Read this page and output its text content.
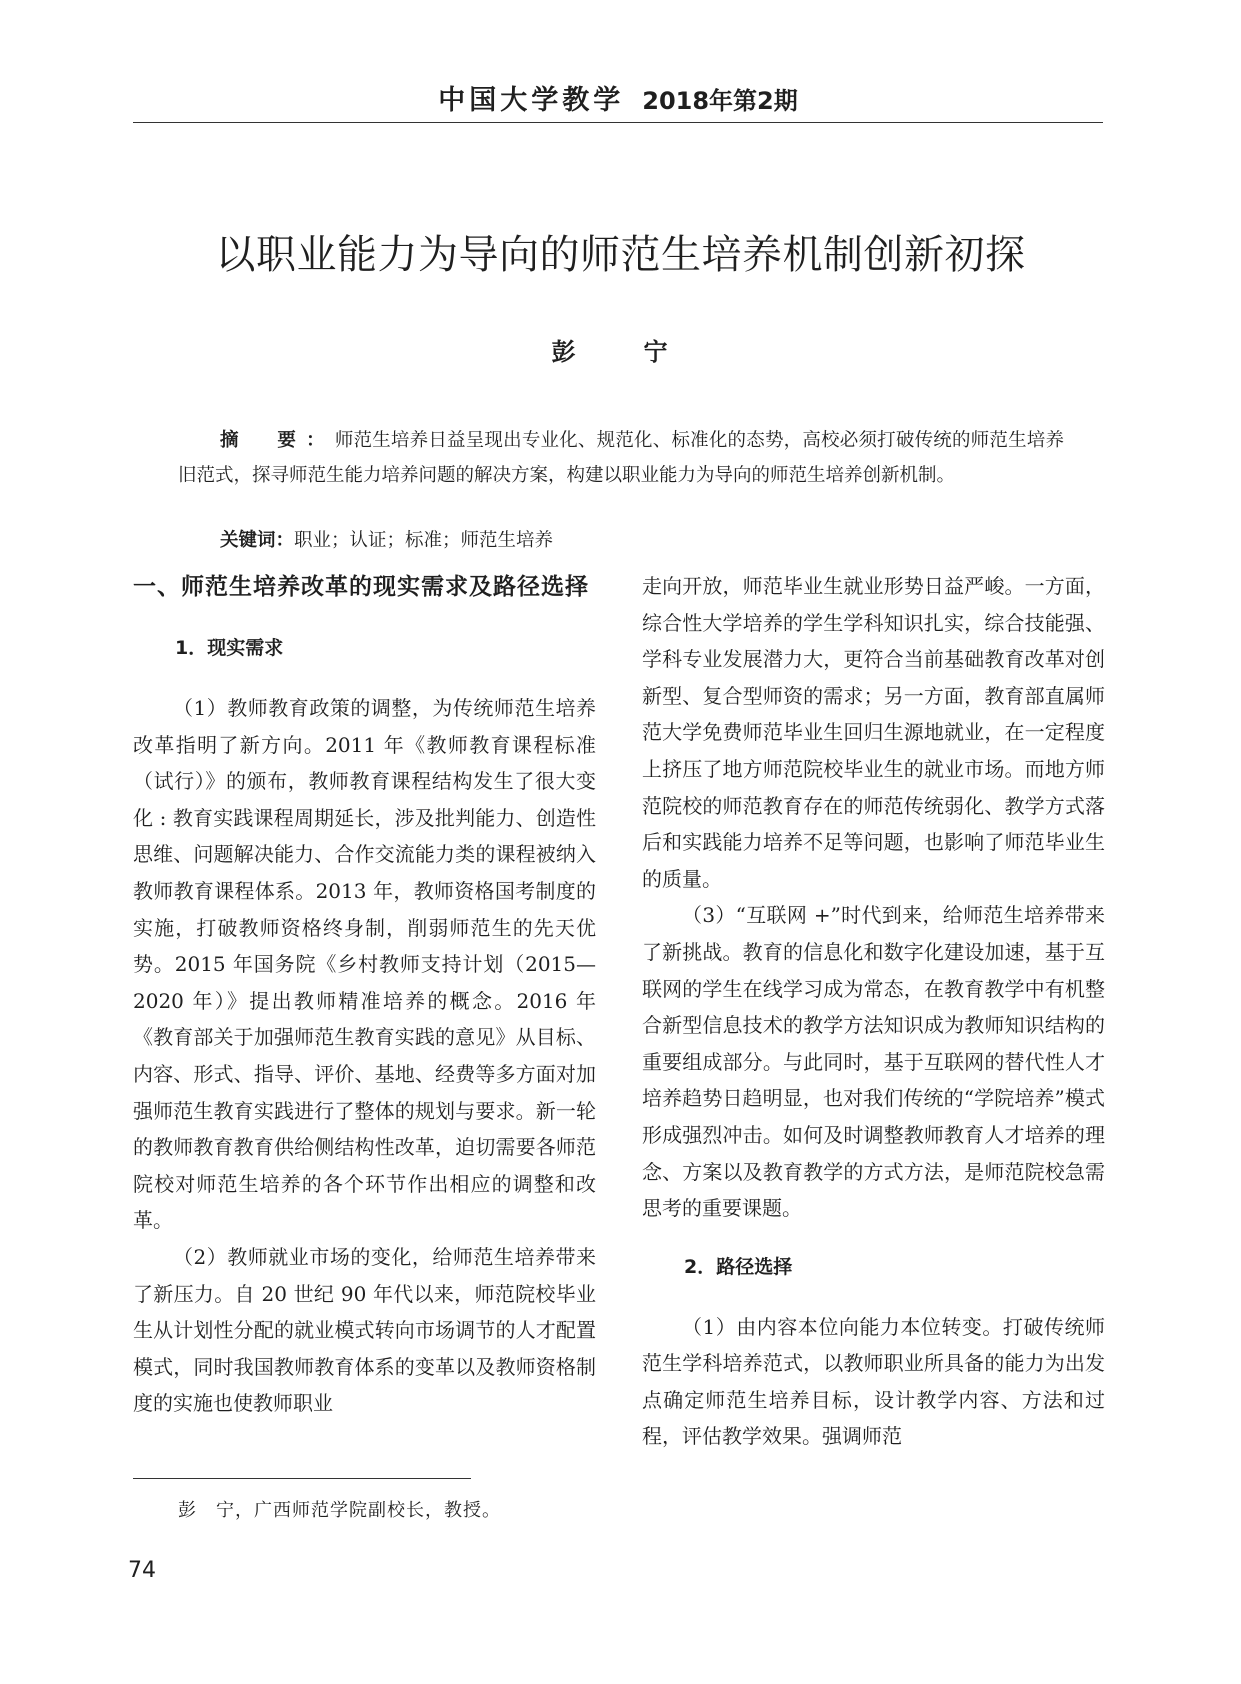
中国大学教学 2018年第2期
以职业能力为导向的师范生培养机制创新初探
彭　宁

摘　要：师范生培养日益呈现出专业化、规范化、标准化的态势，高校必须打破传统的师范生培养旧范式，探寻师范生能力培养问题的解决方案，构建以职业能力为导向的师范生培养创新机制。

关键词：职业；认证；标准；师范生培养

一、师范生培养改革的现实需求及路径选择
1．现实需求

（1）教师教育政策的调整，为传统师范生培养改革指明了新方向。2011 年《教师教育课程标准（试行）》的颁布，教师教育课程结构发生了很大变化 : 教育实践课程周期延长，涉及批判能力、创造性思维、问题解决能力、合作交流能力类的课程被纳入教师教育课程体系。2013 年，教师资格国考制度的实施，打破教师资格终身制，削弱师范生的先天优势。2015 年国务院《乡村教师支持计划（2015—2020 年）》提出教师精准培养的概念。2016 年《教育部关于加强师范生教育实践的意见》从目标、内容、形式、指导、评价、基地、经费等多方面对加强师范生教育实践进行了整体的规划与要求。新一轮的教师教育教育供给侧结构性改革，迫切需要各师范院校对师范生培养的各个环节作出相应的调整和改革。

（2）教师就业市场的变化，给师范生培养带来了新压力。自 20 世纪 90 年代以来，师范院校毕业生从计划性分配的就业模式转向市场调节的人才配置模式，同时我国教师教育体系的变革以及教师资格制度的实施也使教师职业

走向开放，师范毕业生就业形势日益严峻。一方面，综合性大学培养的学生学科知识扎实，综合技能强、学科专业发展潜力大，更符合当前基础教育改革对创新型、复合型师资的需求；另一方面，教育部直属师范大学免费师范毕业生回归生源地就业，在一定程度上挤压了地方师范院校毕业生的就业市场。而地方师范院校的师范教育存在的师范传统弱化、教学方式落后和实践能力培养不足等问题，也影响了师范毕业生的质量。

（3）“互联网 +”时代到来，给师范生培养带来了新挑战。教育的信息化和数字化建设加速，基于互联网的学生在线学习成为常态，在教育教学中有机整合新型信息技术的教学方法知识成为教师知识结构的重要组成部分。与此同时，基于互联网的替代性人才培养趋势日趋明显，也对我们传统的“学院培养”模式形成强烈冲击。如何及时调整教师教育人才培养的理念、方案以及教育教学的方式方法，是师范院校急需思考的重要课题。

2．路径选择

（1）由内容本位向能力本位转变。打破传统师范生学科培养范式，以教师职业所具备的能力为出发点确定师范生培养目标，设计教学内容、方法和过程，评估教学效果。强调师范

彭　宁，广西师范学院副校长，教授。
74
